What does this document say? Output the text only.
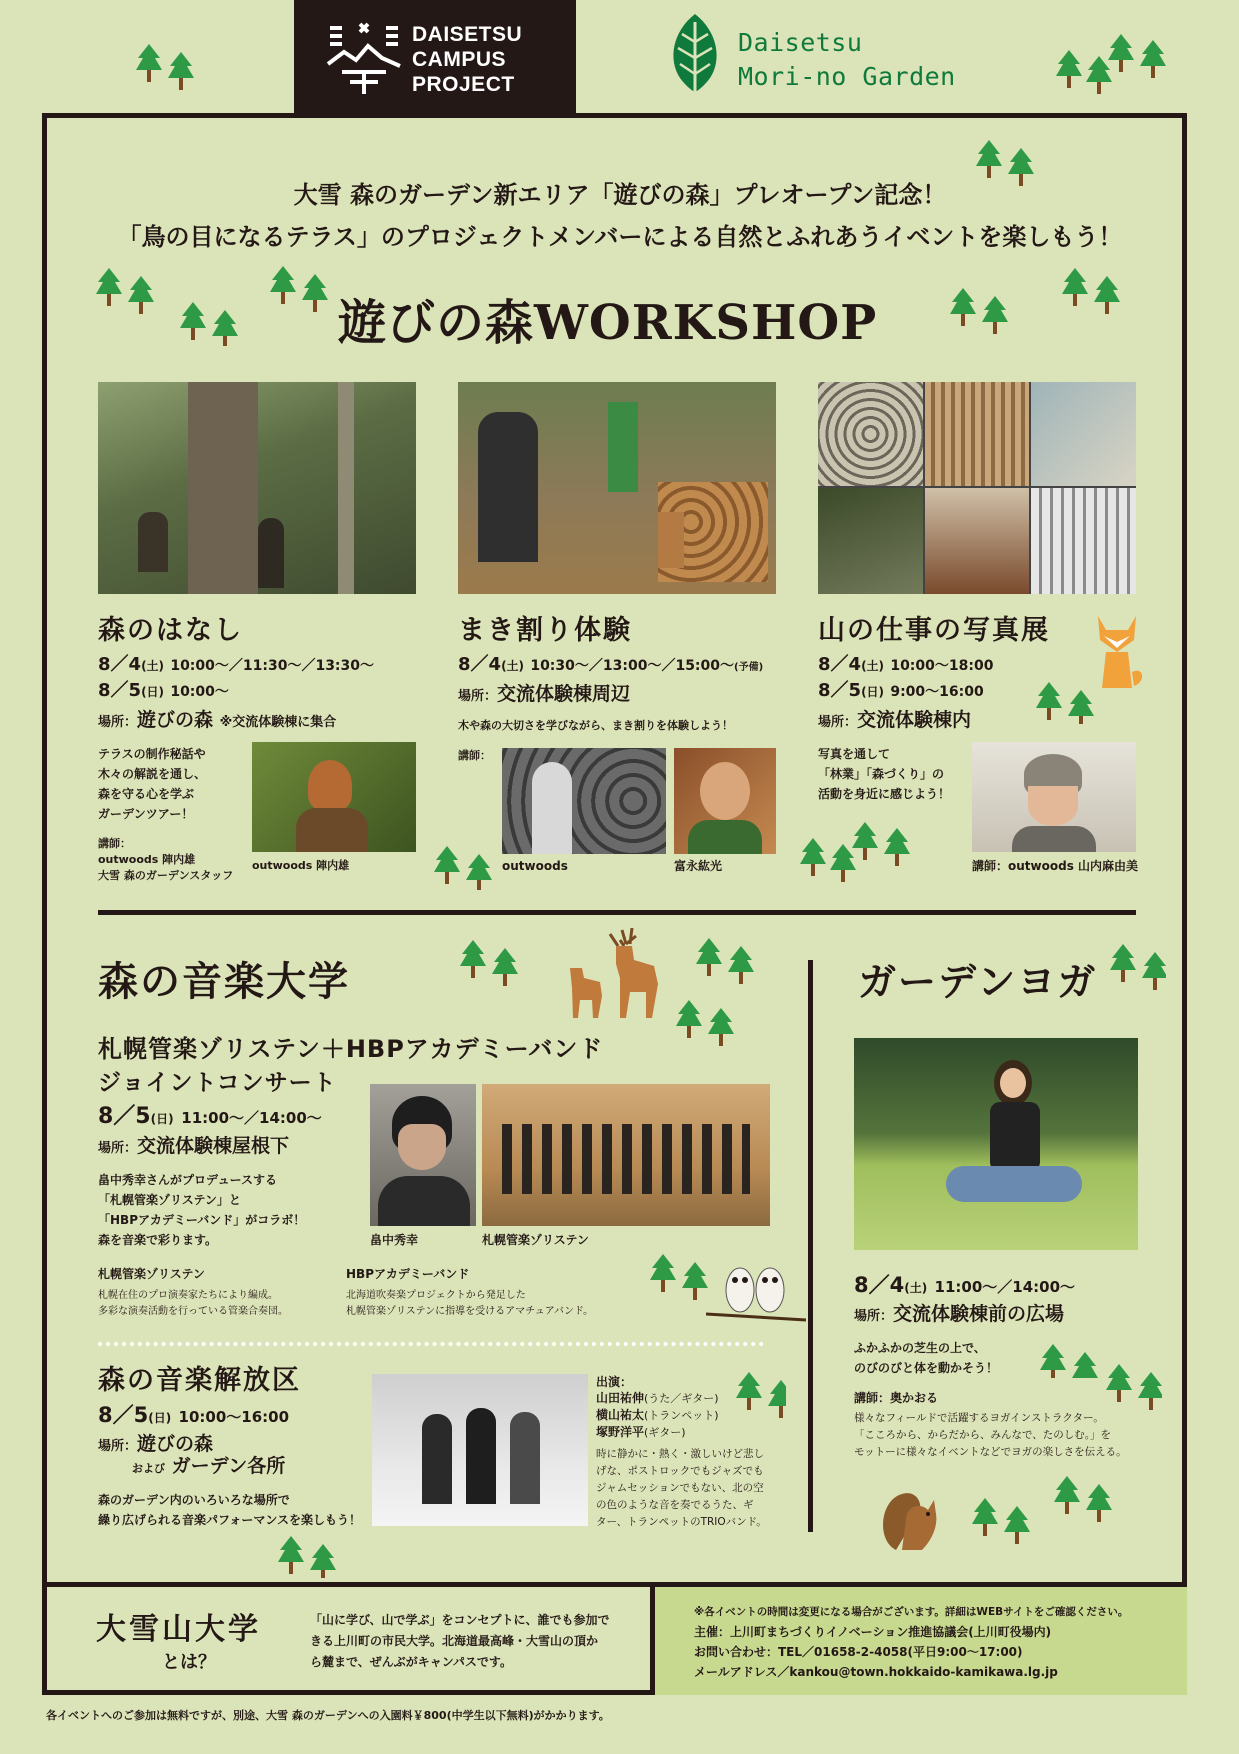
DAISETSU
CAMPUS
PROJECT
Daisetsu
Mori-no Garden
大雪 森のガーデン新エリア「遊びの森」プレオープン記念！
「鳥の目になるテラス」のプロジェクトメンバーによる自然とふれあうイベントを楽しもう！
遊びの森WORKSHOP
森のはなし
8／4(土) 10:00〜／11:30〜／13:30〜
8／5(日) 10:00〜
場所：遊びの森 ※交流体験棟に集合
テラスの制作秘話や
木々の解説を通し、
森を守る心を学ぶ
ガーデンツアー！
講師：
outwoods 陣内雄
大雪 森のガーデンスタッフ
outwoods 陣内雄
まき割り体験
8／4(土) 10:30〜／13:00〜／15:00〜(予備)
場所：交流体験棟周辺
木や森の大切さを学びながら、まき割りを体験しよう！
講師：
outwoods	富永紘光
山の仕事の写真展
8／4(土) 10:00〜18:00
8／5(日) 9:00〜16:00
場所：交流体験棟内
写真を通して
「林業」「森づくり」の
活動を身近に感じよう！
講師：outwoods 山内麻由美
森の音楽大学
札幌管楽ゾリステン＋HBPアカデミーバンド
ジョイントコンサート
8／5(日) 11:00〜／14:00〜
場所：交流体験棟屋根下
畠中秀幸さんがプロデュースする
「札幌管楽ゾリステン」と
「HBPアカデミーバンド」がコラボ！
森を音楽で彩ります。	畠中秀幸	札幌管楽ゾリステン
札幌管楽ゾリステン
札幌在住のプロ演奏家たちにより編成。
多彩な演奏活動を行っている管楽合奏団。
HBPアカデミーバンド
北海道吹奏楽プロジェクトから発足した
札幌管楽ゾリステンに指導を受けるアマチュアバンド。
森の音楽解放区
8／5(日) 10:00〜16:00
場所：遊びの森
および ガーデン各所
森のガーデン内のいろいろな場所で
繰り広げられる音楽パフォーマンスを楽しもう！
出演：
山田祐伸(うた／ギター)
横山祐太(トランペット)
塚野洋平(ギター)
時に静かに・熱く・激しいけど悲し
げな、ポストロックでもジャズでも
ジャムセッションでもない、北の空
の色のような音を奏でるうた、ギ
ター、トランペットのTRIOバンド。
ガーデンヨガ
8／4(土) 11:00〜／14:00〜
場所：交流体験棟前の広場
ふかふかの芝生の上で、
のびのびと体を動かそう！
講師：奥かおる
様々なフィールドで活躍するヨガインストラクター。
「こころから、からだから、みんなで、たのしむ。」を
モットーに様々なイベントなどでヨガの楽しさを伝える。
大雪山大学
とは？
「山に学び、山で学ぶ」をコンセプトに、誰でも参加で
きる上川町の市民大学。北海道最高峰・大雪山の頂か
ら麓まで、ぜんぶがキャンパスです。
※各イベントの時間は変更になる場合がございます。詳細はWEBサイトをご確認ください。
主催：上川町まちづくりイノベーション推進協議会(上川町役場内)
お問い合わせ：TEL／01658-2-4058(平日9:00〜17:00)
メールアドレス／kankou@town.hokkaido-kamikawa.lg.jp
各イベントへのご参加は無料ですが、別途、大雪 森のガーデンへの入園料￥800(中学生以下無料)がかかります。
